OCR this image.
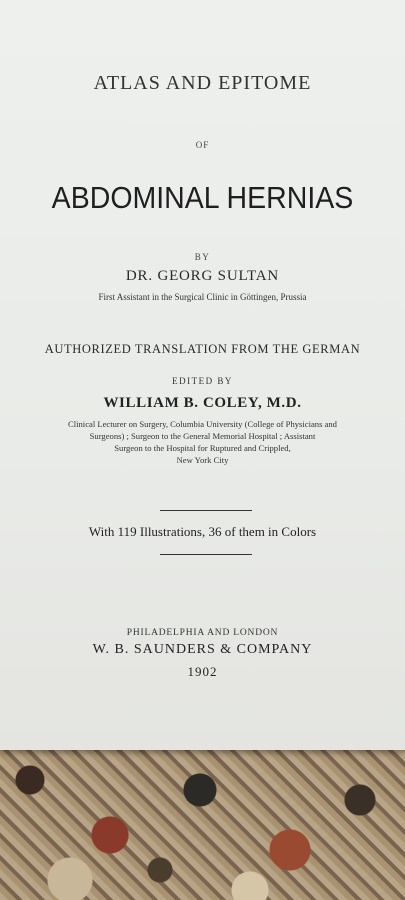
ATLAS AND EPITOME
OF
ABDOMINAL HERNIAS
BY
DR. GEORG SULTAN
First Assistant in the Surgical Clinic in Göttingen, Prussia
AUTHORIZED TRANSLATION FROM THE GERMAN
EDITED BY
WILLIAM B. COLEY, M.D.
Clinical Lecturer on Surgery, Columbia University (College of Physicians and
Surgeons) ; Surgeon to the General Memorial Hospital ; Assistant
Surgeon to the Hospital for Ruptured and Crippled,
New York City
With 119 Illustrations, 36 of them in Colors
PHILADELPHIA AND LONDON
W. B. SAUNDERS & COMPANY
1902
